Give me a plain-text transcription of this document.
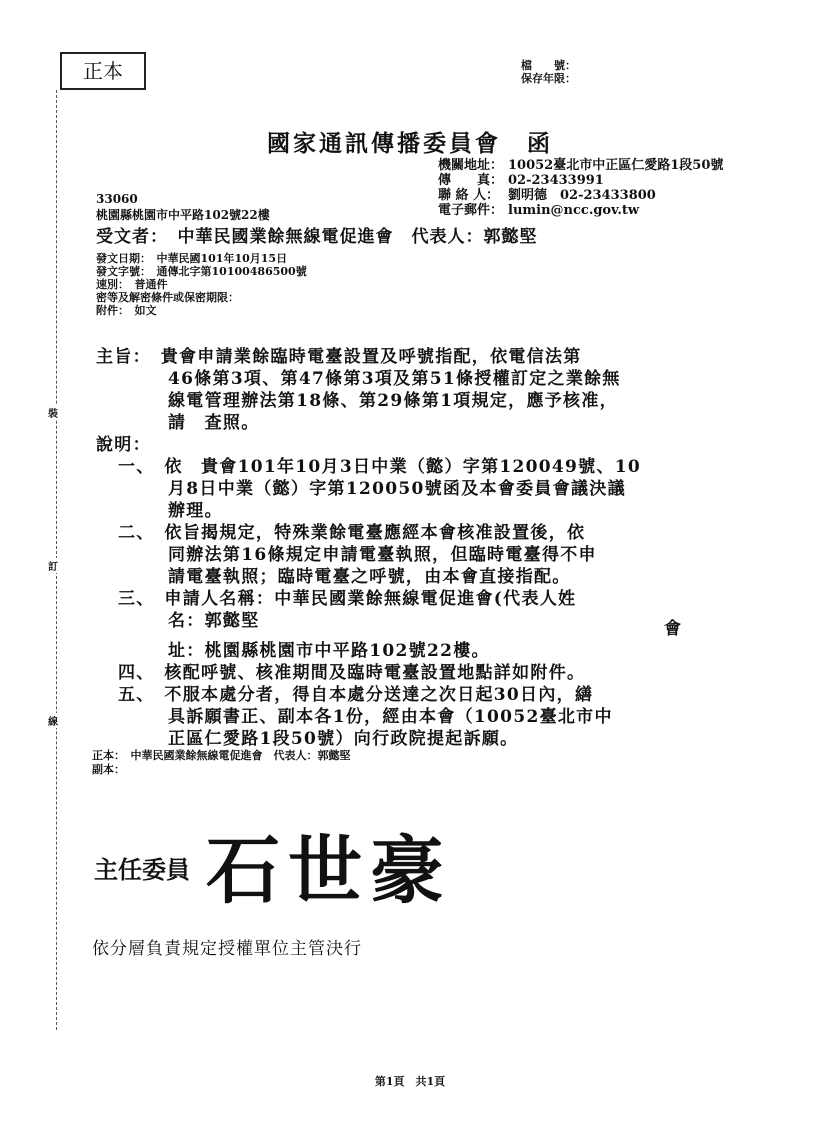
裝
訂
線
正本	檔　　號：
保存年限：
國家通訊傳播委員會　函
機關地址： 10052臺北市中正區仁愛路1段50號
傳　　真： 02-23433991
聯 絡 人： 劉明德　02-23433800
電子郵件： lumin@ncc.gov.tw
33060
桃園縣桃園市中平路102號22樓
受文者：　中華民國業餘無線電促進會　代表人：郭懿堅
發文日期：　中華民國101年10月15日
發文字號：　通傳北字第10100486500號
速別：　普通件
密等及解密條件或保密期限：
附件：　如文
主旨：　貴會申請業餘臨時電臺設置及呼號指配，依電信法第
46條第3項、第47條第3項及第51條授權訂定之業餘無
線電管理辦法第18條、第29條第1項規定，應予核准，
請　查照。
說明：
一、　依　貴會101年10月3日中業（懿）字第120049號、10
月8日中業（懿）字第120050號函及本會委員會議決議
辦理。
二、　依旨揭規定，特殊業餘電臺應經本會核准設置後，依
同辦法第16條規定申請電臺執照，但臨時電臺得不申
請電臺執照；臨時電臺之呼號，由本會直接指配。
三、　申請人名稱：中華民國業餘無線電促進會(代表人姓
名：郭懿堅	會
址：桃園縣桃園市中平路102號22樓。
四、　核配呼號、核准期間及臨時電臺設置地點詳如附件。
五、　不服本處分者，得自本處分送達之次日起30日內，繕
具訴願書正、副本各1份，經由本會（10052臺北市中
正區仁愛路1段50號）向行政院提起訴願。
正本：　中華民國業餘無線電促進會　代表人：郭懿堅
副本：
主任委員 石世豪
依分層負責規定授權單位主管決行
第1頁　共1頁
